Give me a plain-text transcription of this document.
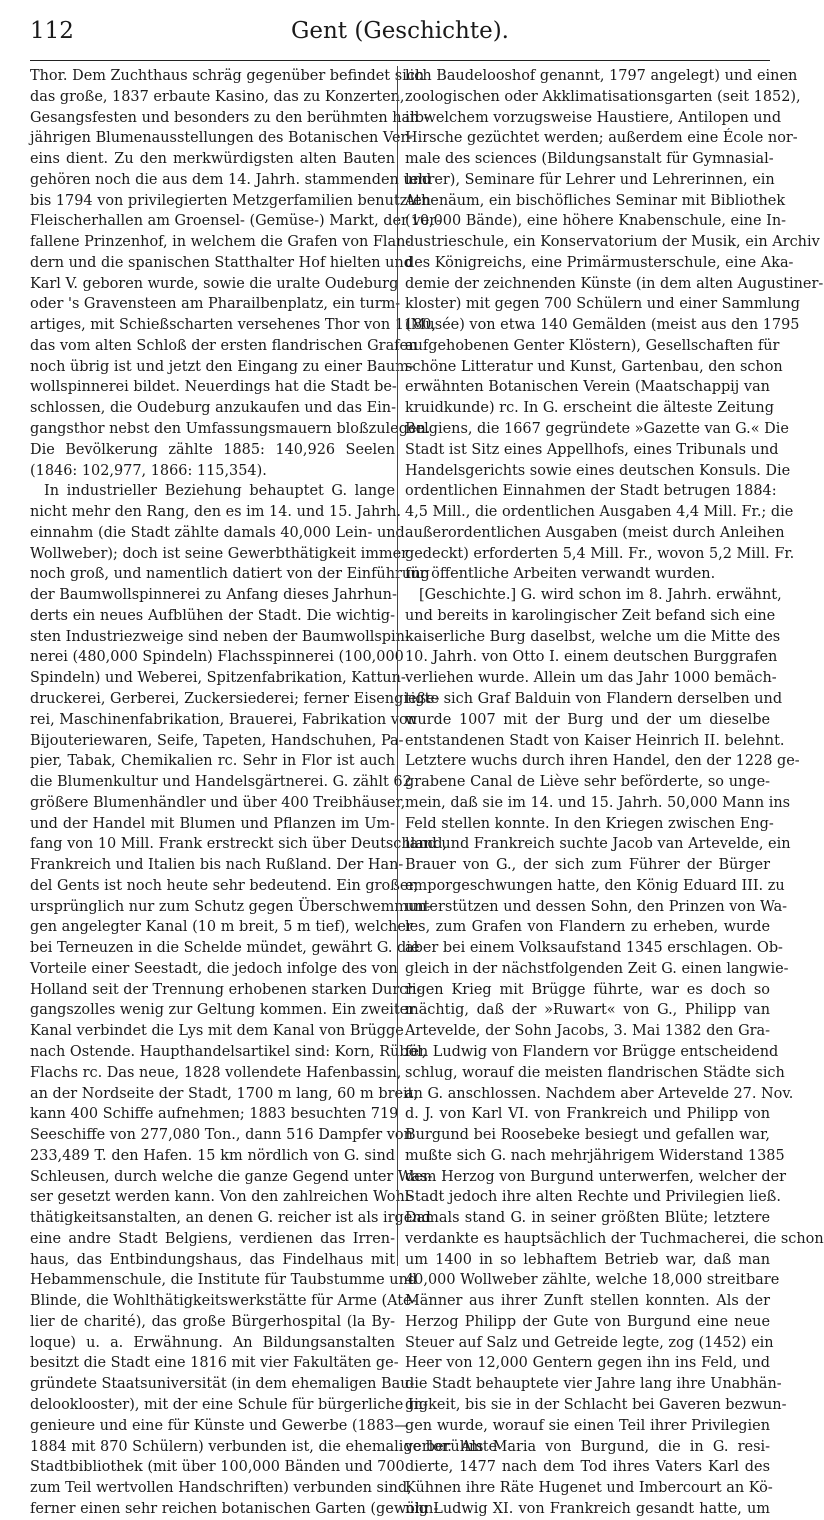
112	Gent (Geschichte).
Thor. Dem Zuchthaus schräg gegenüber befindet sich
das große, 1837 erbaute Kasino, das zu Konzerten,
Gesangsfesten und besonders zu den berühmten halb-
jährigen Blumenausstellungen des Botanischen Ver-
eins dient. Zu den merkwürdigsten alten Bauten
gehören noch die aus dem 14. Jahrh. stammenden und
bis 1794 von privilegierten Metzgerfamilien benutzten
Fleischerhallen am Groensel- (Gemüse-) Markt, der ver-
fallene Prinzenhof, in welchem die Grafen von Flan-
dern und die spanischen Statthalter Hof hielten und
Karl V. geboren wurde, sowie die uralte Oudeburg
oder 's Gravensteen am Pharailbenplatz, ein turm-
artiges, mit Schießscharten versehenes Thor von 1180,
das vom alten Schloß der ersten flandrischen Grafen
noch übrig ist und jetzt den Eingang zu einer Baum-
wollspinnerei bildet. Neuerdings hat die Stadt be-
schlossen, die Oudeburg anzukaufen und das Ein-
gangsthor nebst den Umfassungsmauern bloßzulegen.
Die Bevölkerung zählte 1885: 140,926 Seelen
(1846: 102,977, 1866: 115,354).
In industrieller Beziehung behauptet G. lange
nicht mehr den Rang, den es im 14. und 15. Jahrh.
einnahm (die Stadt zählte damals 40,000 Lein- und
Wollweber); doch ist seine Gewerbthätigkeit immer
noch groß, und namentlich datiert von der Einführung
der Baumwollspinnerei zu Anfang dieses Jahrhun-
derts ein neues Aufblühen der Stadt. Die wichtig-
sten Industriezweige sind neben der Baumwollspin-
nerei (480,000 Spindeln) Flachsspinnerei (100,000
Spindeln) und Weberei, Spitzenfabrikation, Kattun-
druckerei, Gerberei, Zuckersiederei; ferner Eisengieße-
rei, Maschinenfabrikation, Brauerei, Fabrikation von
Bijouteriewaren, Seife, Tapeten, Handschuhen, Pa-
pier, Tabak, Chemikalien rc. Sehr in Flor ist auch
die Blumenkultur und Handelsgärtnerei. G. zählt 62
größere Blumenhändler und über 400 Treibhäuser,
und der Handel mit Blumen und Pflanzen im Um-
fang von 10 Mill. Frank erstreckt sich über Deutschland,
Frankreich und Italien bis nach Rußland. Der Han-
del Gents ist noch heute sehr bedeutend. Ein großer,
ursprünglich nur zum Schutz gegen Überschwemmun-
gen angelegter Kanal (10 m breit, 5 m tief), welcher
bei Terneuzen in die Schelde mündet, gewährt G. die
Vorteile einer Seestadt, die jedoch infolge des von
Holland seit der Trennung erhobenen starken Durch-
gangszolles wenig zur Geltung kommen. Ein zweiter
Kanal verbindet die Lys mit dem Kanal von Brügge
nach Ostende. Haupthandelsartikel sind: Korn, Rüböl,
Flachs rc. Das neue, 1828 vollendete Hafenbassin,
an der Nordseite der Stadt, 1700 m lang, 60 m breit,
kann 400 Schiffe aufnehmen; 1883 besuchten 719
Seeschiffe von 277,080 Ton., dann 516 Dampfer von
233,489 T. den Hafen. 15 km nördlich von G. sind
Schleusen, durch welche die ganze Gegend unter Was-
ser gesetzt werden kann. Von den zahlreichen Wohl-
thätigkeitsanstalten, an denen G. reicher ist als irgend
eine andre Stadt Belgiens, verdienen das Irren-
haus, das Entbindungshaus, das Findelhaus mit
Hebammenschule, die Institute für Taubstumme und
Blinde, die Wohlthätigkeitswerkstätte für Arme (Ate-
lier de charité), das große Bürgerhospital (la By-
loque) u. a. Erwähnung. An Bildungsanstalten
besitzt die Stadt eine 1816 mit vier Fakultäten ge-
gründete Staatsuniversität (in dem ehemaligen Bau-
delooklooster), mit der eine Schule für bürgerliche In-
genieure und eine für Künste und Gewerbe (1883—
1884 mit 870 Schülern) verbunden ist, die ehemalige berühmte
Stadtbibliothek (mit über 100,000 Bänden und 700
zum Teil wertvollen Handschriften) verbunden sind;
ferner einen sehr reichen botanischen Garten (gewöhn-
lich Baudelooshof genannt, 1797 angelegt) und einen
zoologischen oder Akklimatisationsgarten (seit 1852),
in welchem vorzugsweise Haustiere, Antilopen und
Hirsche gezüchtet werden; außerdem eine École nor-
male des sciences (Bildungsanstalt für Gymnasial-
lehrer), Seminare für Lehrer und Lehrerinnen, ein
Athenäum, ein bischöfliches Seminar mit Bibliothek
(10,000 Bände), eine höhere Knabenschule, eine In-
dustrieschule, ein Konservatorium der Musik, ein Archiv
des Königreichs, eine Primärmusterschule, eine Aka-
demie der zeichnenden Künste (in dem alten Augustiner-
kloster) mit gegen 700 Schülern und einer Sammlung
(Musée) von etwa 140 Gemälden (meist aus den 1795
aufgehobenen Genter Klöstern), Gesellschaften für
schöne Litteratur und Kunst, Gartenbau, den schon
erwähnten Botanischen Verein (Maatschappij van
kruidkunde) rc. In G. erscheint die älteste Zeitung
Belgiens, die 1667 gegründete »Gazette van G.« Die
Stadt ist Sitz eines Appellhofs, eines Tribunals und
Handelsgerichts sowie eines deutschen Konsuls. Die
ordentlichen Einnahmen der Stadt betrugen 1884:
4,5 Mill., die ordentlichen Ausgaben 4,4 Mill. Fr.; die
außerordentlichen Ausgaben (meist durch Anleihen
gedeckt) erforderten 5,4 Mill. Fr., wovon 5,2 Mill. Fr.
für öffentliche Arbeiten verwandt wurden.
[Geschichte.] G. wird schon im 8. Jahrh. erwähnt,
und bereits in karolingischer Zeit befand sich eine
kaiserliche Burg daselbst, welche um die Mitte des
10. Jahrh. von Otto I. einem deutschen Burggrafen
verliehen wurde. Allein um das Jahr 1000 bemäch-
tigte sich Graf Balduin von Flandern derselben und
wurde 1007 mit der Burg und der um dieselbe
entstandenen Stadt von Kaiser Heinrich II. belehnt.
Letztere wuchs durch ihren Handel, den der 1228 ge-
grabene Canal de Liève sehr beförderte, so unge-
mein, daß sie im 14. und 15. Jahrh. 50,000 Mann ins
Feld stellen konnte. In den Kriegen zwischen Eng-
land und Frankreich suchte Jacob van Artevelde, ein
Brauer von G., der sich zum Führer der Bürger
emporgeschwungen hatte, den König Eduard III. zu
unterstützen und dessen Sohn, den Prinzen von Wa-
les, zum Grafen von Flandern zu erheben, wurde
aber bei einem Volksaufstand 1345 erschlagen. Ob-
gleich in der nächstfolgenden Zeit G. einen langwie-
rigen Krieg mit Brügge führte, war es doch so
mächtig, daß der »Ruwart« von G., Philipp van
Artevelde, der Sohn Jacobs, 3. Mai 1382 den Gra-
fen Ludwig von Flandern vor Brügge entscheidend
schlug, worauf die meisten flandrischen Städte sich
an G. anschlossen. Nachdem aber Artevelde 27. Nov.
d. J. von Karl VI. von Frankreich und Philipp von
Burgund bei Roosebeke besiegt und gefallen war,
mußte sich G. nach mehrjährigem Widerstand 1385
dem Herzog von Burgund unterwerfen, welcher der
Stadt jedoch ihre alten Rechte und Privilegien ließ.
Damals stand G. in seiner größten Blüte; letztere
verdankte es hauptsächlich der Tuchmacherei, die schon
um 1400 in so lebhaftem Betrieb war, daß man
40,000 Wollweber zählte, welche 18,000 streitbare
Männer aus ihrer Zunft stellen konnten. Als der
Herzog Philipp der Gute von Burgund eine neue
Steuer auf Salz und Getreide legte, zog (1452) ein
Heer von 12,000 Gentern gegen ihn ins Feld, und
die Stadt behauptete vier Jahre lang ihre Unabhän-
gigkeit, bis sie in der Schlacht bei Gaveren bezwun-
gen wurde, worauf sie einen Teil ihrer Privilegien
verlor. Als Maria von Burgund, die in G. resi-
dierte, 1477 nach dem Tod ihres Vaters Karl des
Kühnen ihre Räte Hugenet und Imbercourt an Kö-
nig Ludwig XI. von Frankreich gesandt hatte, um
